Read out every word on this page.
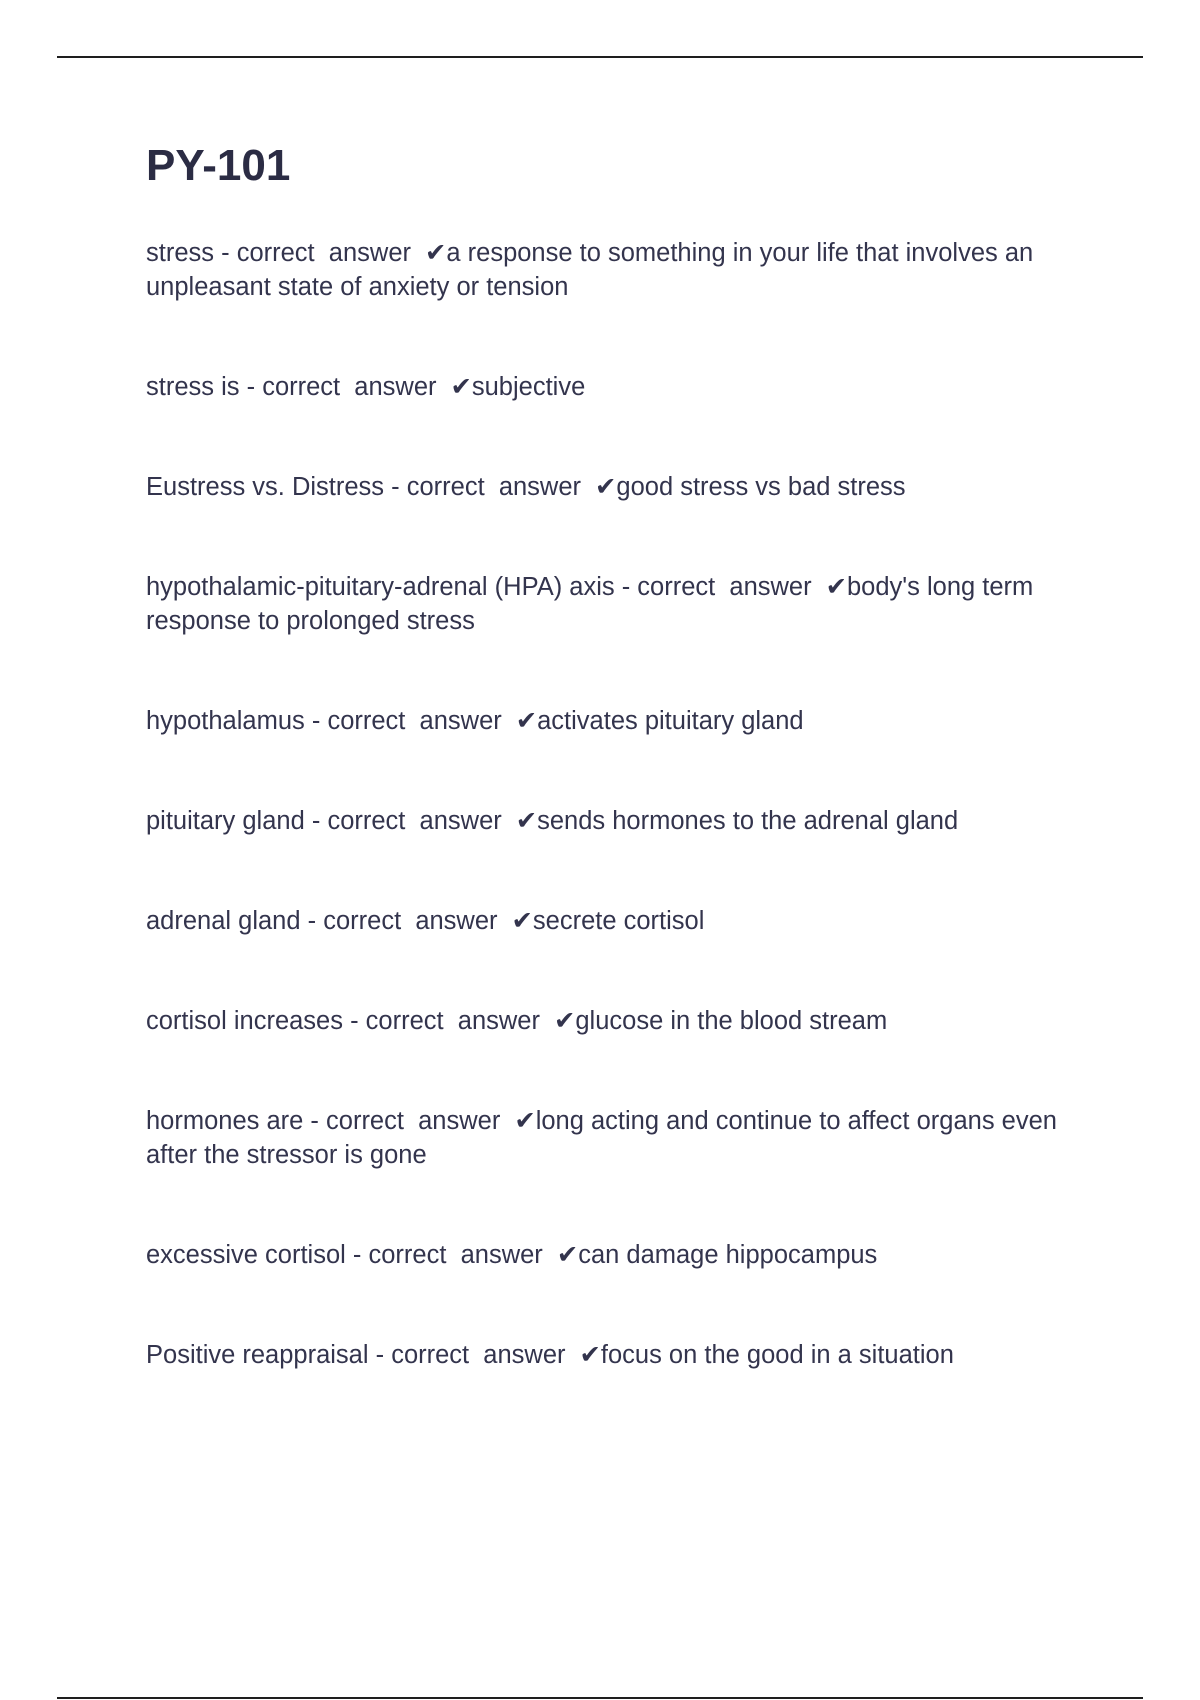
PY-101
stress - correct  answer ✔a response to something in your life that involves an unpleasant state of anxiety or tension
stress is - correct  answer ✔subjective
Eustress vs. Distress - correct  answer ✔good stress vs bad stress
hypothalamic-pituitary-adrenal (HPA) axis - correct  answer ✔body's long term response to prolonged stress
hypothalamus - correct  answer ✔activates pituitary gland
pituitary gland - correct  answer ✔sends hormones to the adrenal gland
adrenal gland - correct  answer ✔secrete cortisol
cortisol increases - correct  answer ✔glucose in the blood stream
hormones are - correct  answer ✔long acting and continue to affect organs even after the stressor is gone
excessive cortisol - correct  answer ✔can damage hippocampus
Positive reappraisal - correct  answer ✔focus on the good in a situation
